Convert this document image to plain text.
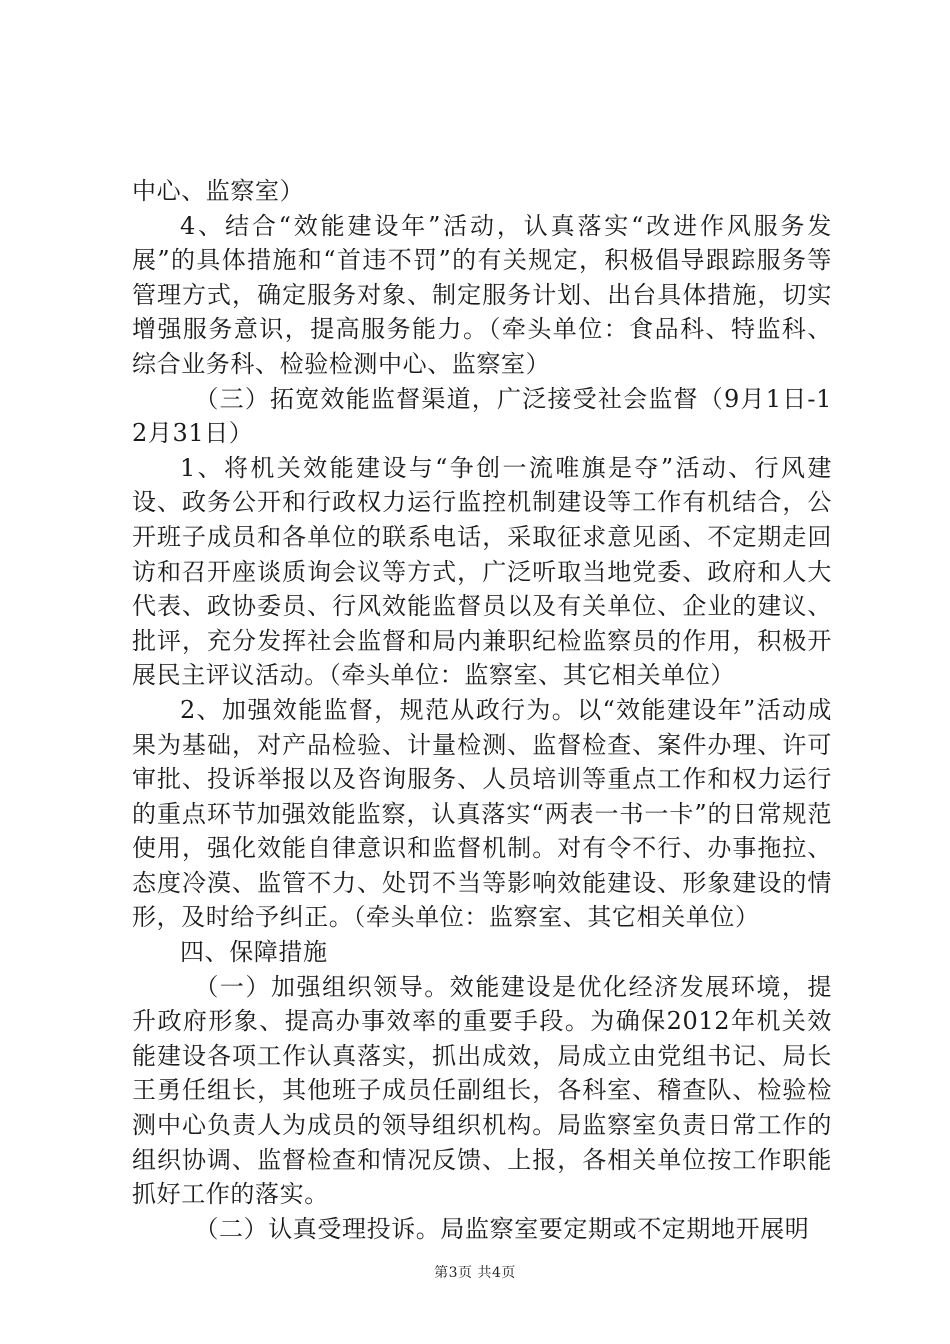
中心、监察室）

4、结合“效能建设年”活动，认真落实“改进作风服务发展”的具体措施和“首违不罚”的有关规定，积极倡导跟踪服务等管理方式，确定服务对象、制定服务计划、出台具体措施，切实增强服务意识，提高服务能力。（牵头单位：食品科、特监科、综合业务科、检验检测中心、监察室）

（三）拓宽效能监督渠道，广泛接受社会监督（9月1日-12月31日）

1、将机关效能建设与“争创一流唯旗是夺”活动、行风建设、政务公开和行政权力运行监控机制建设等工作有机结合，公开班子成员和各单位的联系电话，采取征求意见函、不定期走回访和召开座谈质询会议等方式，广泛听取当地党委、政府和人大代表、政协委员、行风效能监督员以及有关单位、企业的建议、批评，充分发挥社会监督和局内兼职纪检监察员的作用，积极开展民主评议活动。（牵头单位：监察室、其它相关单位）

2、加强效能监督，规范从政行为。以“效能建设年”活动成果为基础，对产品检验、计量检测、监督检查、案件办理、许可审批、投诉举报以及咨询服务、人员培训等重点工作和权力运行的重点环节加强效能监察，认真落实“两表一书一卡”的日常规范使用，强化效能自律意识和监督机制。对有令不行、办事拖拉、态度冷漠、监管不力、处罚不当等影响效能建设、形象建设的情形，及时给予纠正。（牵头单位：监察室、其它相关单位）

四、保障措施

（一）加强组织领导。效能建设是优化经济发展环境，提升政府形象、提高办事效率的重要手段。为确保2012年机关效能建设各项工作认真落实，抓出成效，局成立由党组书记、局长王勇任组长，其他班子成员任副组长，各科室、稽查队、检验检测中心负责人为成员的领导组织机构。局监察室负责日常工作的组织协调、监督检查和情况反馈、上报，各相关单位按工作职能抓好工作的落实。

（二）认真受理投诉。局监察室要定期或不定期地开展明

第3页 共4页
